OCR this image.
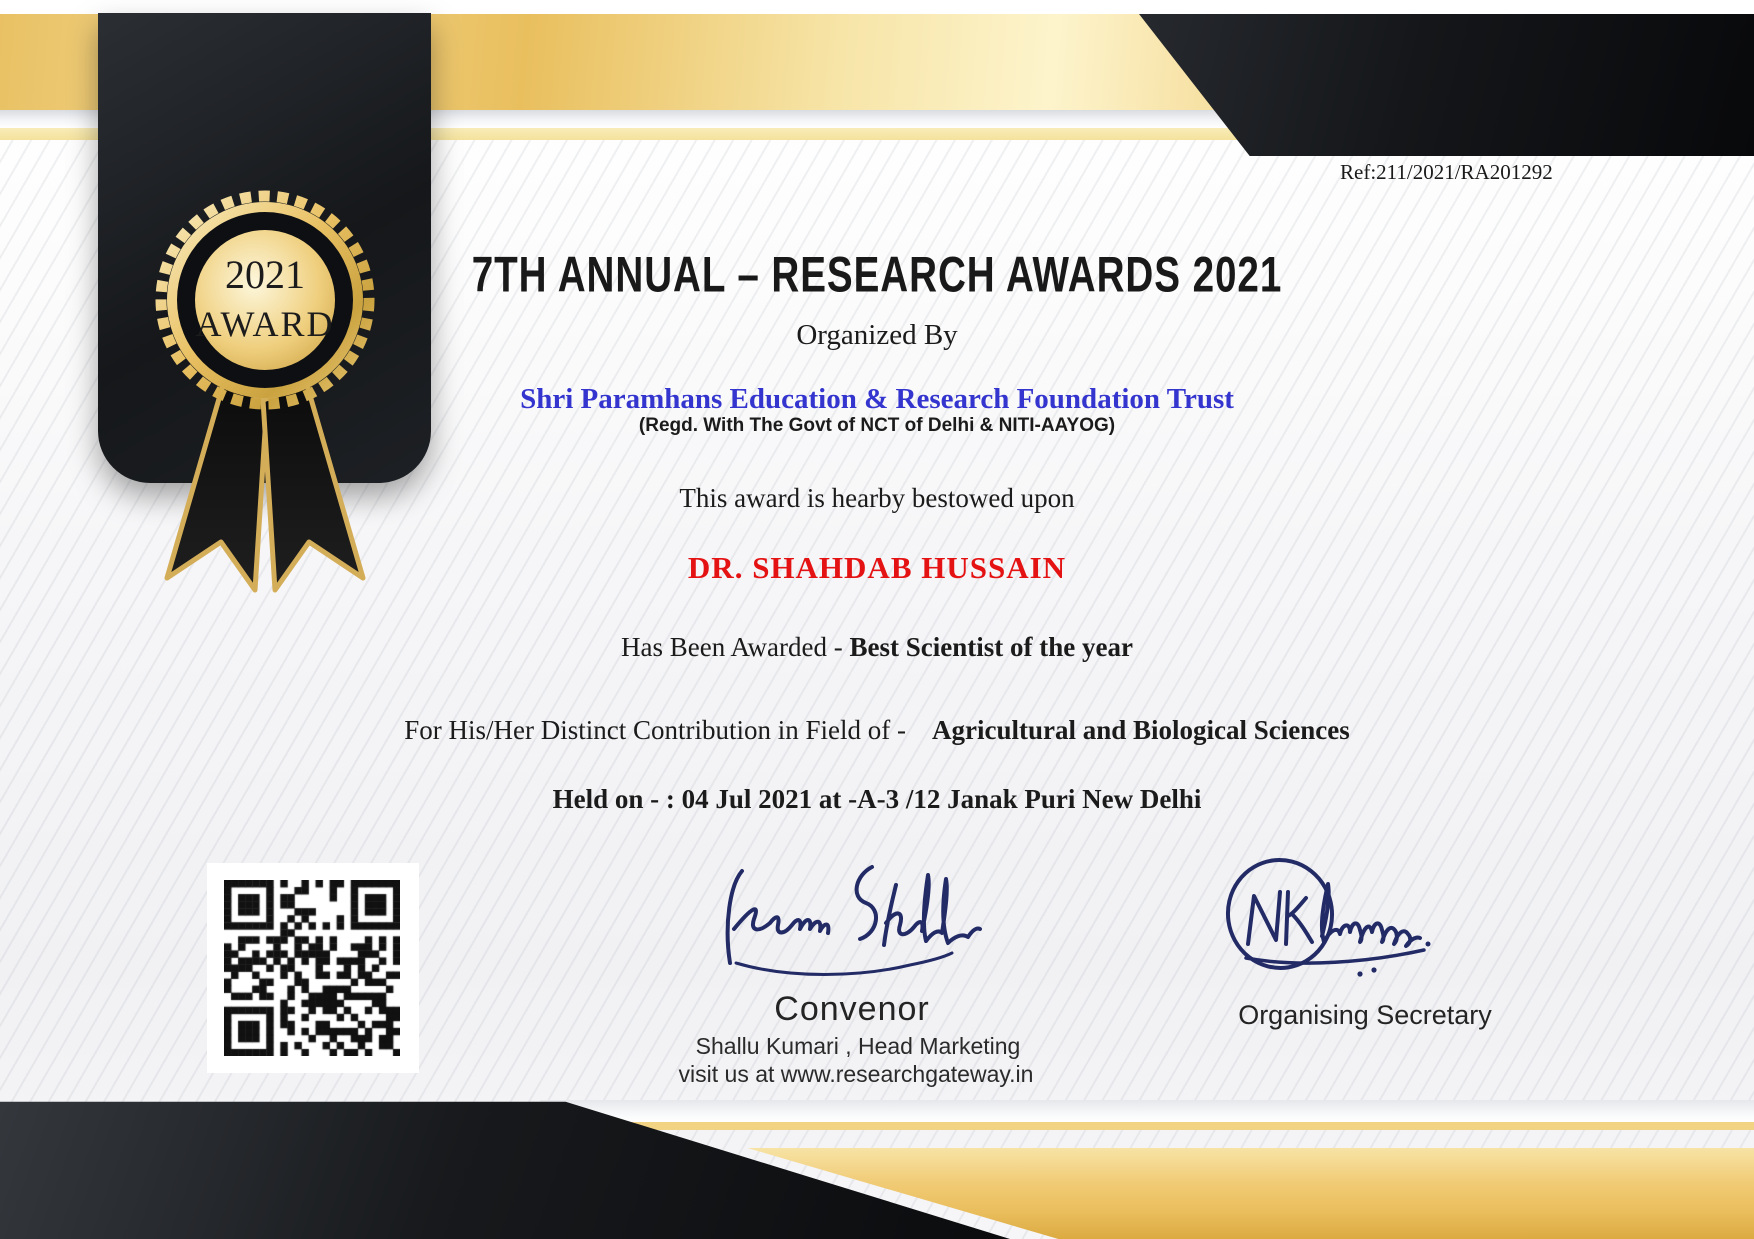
2021
AWARD
Ref:211/2021/RA201292
7TH ANNUAL – RESEARCH AWARDS 2021
Organized By
Shri Paramhans Education & Research Foundation Trust
(Regd. With The Govt of NCT of Delhi & NITI-AAYOG)
This award is hearby bestowed upon
DR. SHAHDAB HUSSAIN
Has Been Awarded - Best Scientist of the year
For His/Her Distinct Contribution in Field of - Agricultural and Biological Sciences
Held on - : 04 Jul 2021 at -A-3 /12 Janak Puri New Delhi
Convenor
Shallu Kumari , Head Marketing
visit us at www.researchgateway.in
Organising Secretary
